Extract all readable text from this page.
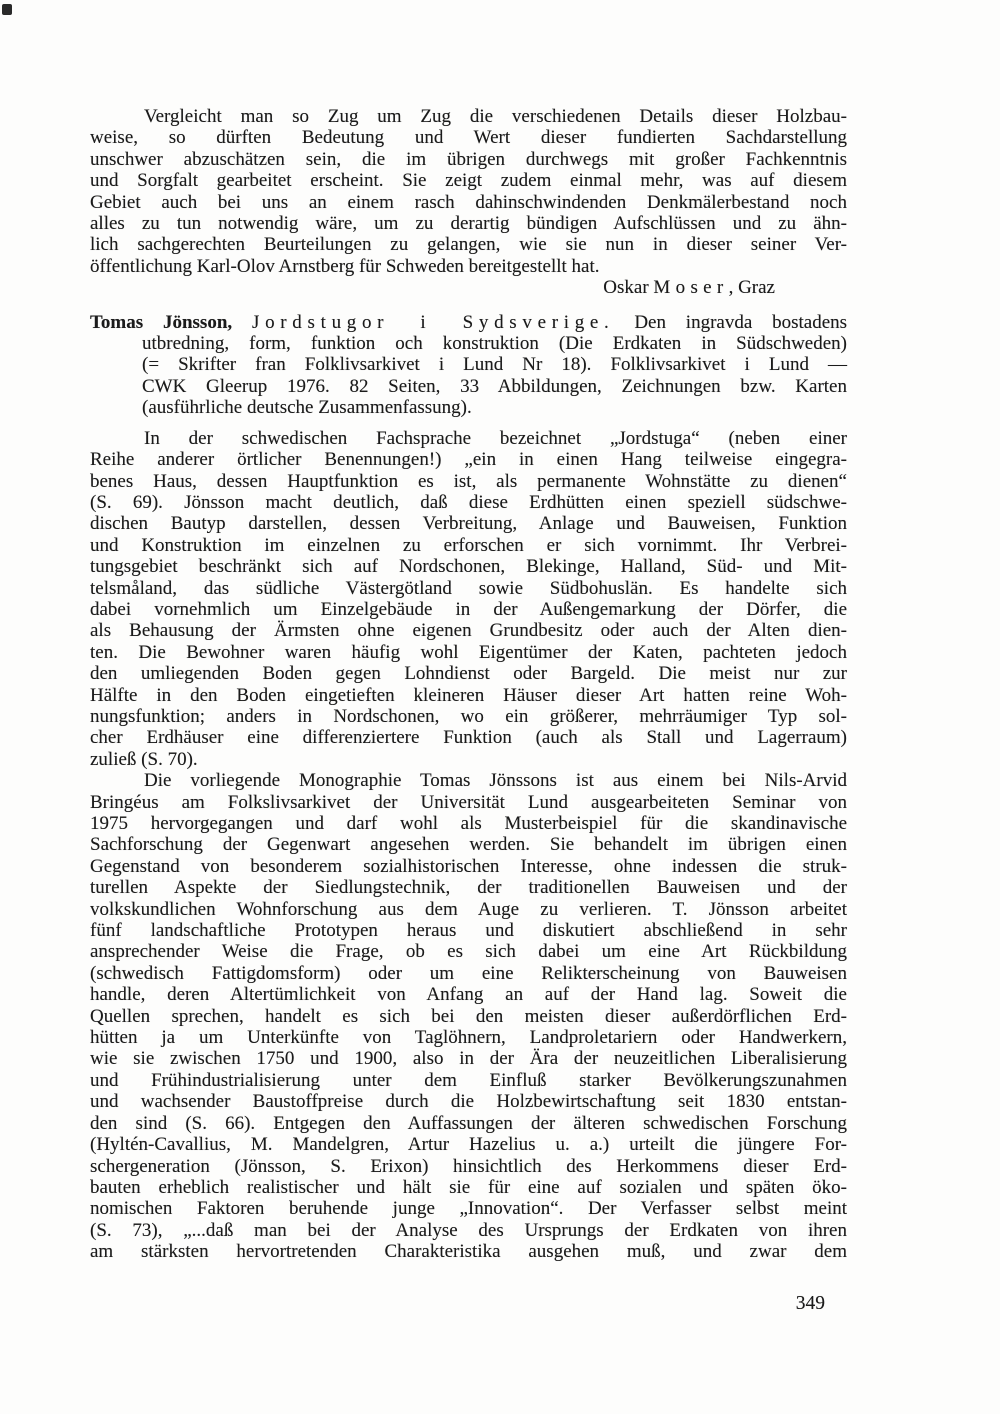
Vergleicht man so Zug um Zug die verschiedenen Details dieser Holzbau-
weise, so dürften Bedeutung und Wert dieser fundierten Sachdarstellung
unschwer abzuschätzen sein, die im übrigen durchwegs mit großer Fachkenntnis
und Sorgfalt gearbeitet erscheint. Sie zeigt zudem einmal mehr, was auf diesem
Gebiet auch bei uns an einem rasch dahinschwindenden Denkmälerbestand noch
alles zu tun notwendig wäre, um zu derartig bündigen Aufschlüssen und zu ähn-
lich sachgerechten Beurteilungen zu gelangen, wie sie nun in dieser seiner Ver-
öffentlichung Karl-Olov Arnstberg für Schweden bereitgestellt hat.
Oskar Moser, Graz
Tomas Jönsson, Jordstugor i Sydsverige. Den ingravda bostadens
utbredning, form, funktion och konstruktion (Die Erdkaten in Südschweden)
(= Skrifter fran Folklivsarkivet i Lund Nr 18). Folklivsarkivet i Lund —
CWK Gleerup 1976. 82 Seiten, 33 Abbildungen, Zeichnungen bzw. Karten
(ausführliche deutsche Zusammenfassung).
In der schwedischen Fachsprache bezeichnet „Jordstuga“ (neben einer
Reihe anderer örtlicher Benennungen!) „ein in einen Hang teilweise eingegra-
benes Haus, dessen Hauptfunktion es ist, als permanente Wohnstätte zu dienen“
(S. 69). Jönsson macht deutlich, daß diese Erdhütten einen speziell südschwe-
dischen Bautyp darstellen, dessen Verbreitung, Anlage und Bauweisen, Funktion
und Konstruktion im einzelnen zu erforschen er sich vornimmt. Ihr Verbrei-
tungsgebiet beschränkt sich auf Nordschonen, Blekinge, Halland, Süd- und Mit-
telsmåland, das südliche Västergötland sowie Südbohuslän. Es handelte sich
dabei vornehmlich um Einzelgebäude in der Außengemarkung der Dörfer, die
als Behausung der Ärmsten ohne eigenen Grundbesitz oder auch der Alten dien-
ten. Die Bewohner waren häufig wohl Eigentümer der Katen, pachteten jedoch
den umliegenden Boden gegen Lohndienst oder Bargeld. Die meist nur zur
Hälfte in den Boden eingetieften kleineren Häuser dieser Art hatten reine Woh-
nungsfunktion; anders in Nordschonen, wo ein größerer, mehrräumiger Typ sol-
cher Erdhäuser eine differenziertere Funktion (auch als Stall und Lagerraum)
zuließ (S. 70).
Die vorliegende Monographie Tomas Jönssons ist aus einem bei Nils-Arvid
Bringéus am Folkslivsarkivet der Universität Lund ausgearbeiteten Seminar von
1975 hervorgegangen und darf wohl als Musterbeispiel für die skandinavische
Sachforschung der Gegenwart angesehen werden. Sie behandelt im übrigen einen
Gegenstand von besonderem sozialhistorischen Interesse, ohne indessen die struk-
turellen Aspekte der Siedlungstechnik, der traditionellen Bauweisen und der
volkskundlichen Wohnforschung aus dem Auge zu verlieren. T. Jönsson arbeitet
fünf landschaftliche Prototypen heraus und diskutiert abschließend in sehr
ansprechender Weise die Frage, ob es sich dabei um eine Art Rückbildung
(schwedisch Fattigdomsform) oder um eine Relikterscheinung von Bauweisen
handle, deren Altertümlichkeit von Anfang an auf der Hand lag. Soweit die
Quellen sprechen, handelt es sich bei den meisten dieser außerdörflichen Erd-
hütten ja um Unterkünfte von Taglöhnern, Landproletariern oder Handwerkern,
wie sie zwischen 1750 und 1900, also in der Ära der neuzeitlichen Liberalisierung
und Frühindustrialisierung unter dem Einfluß starker Bevölkerungszunahmen
und wachsender Baustoffpreise durch die Holzbewirtschaftung seit 1830 entstan-
den sind (S. 66). Entgegen den Auffassungen der älteren schwedischen Forschung
(Hyltén-Cavallius, M. Mandelgren, Artur Hazelius u. a.) urteilt die jüngere For-
schergeneration (Jönsson, S. Erixon) hinsichtlich des Herkommens dieser Erd-
bauten erheblich realistischer und hält sie für eine auf sozialen und späten öko-
nomischen Faktoren beruhende junge „Innovation“. Der Verfasser selbst meint
(S. 73), „...daß man bei der Analyse des Ursprungs der Erdkaten von ihren
am stärksten hervortretenden Charakteristika ausgehen muß, und zwar dem
349
